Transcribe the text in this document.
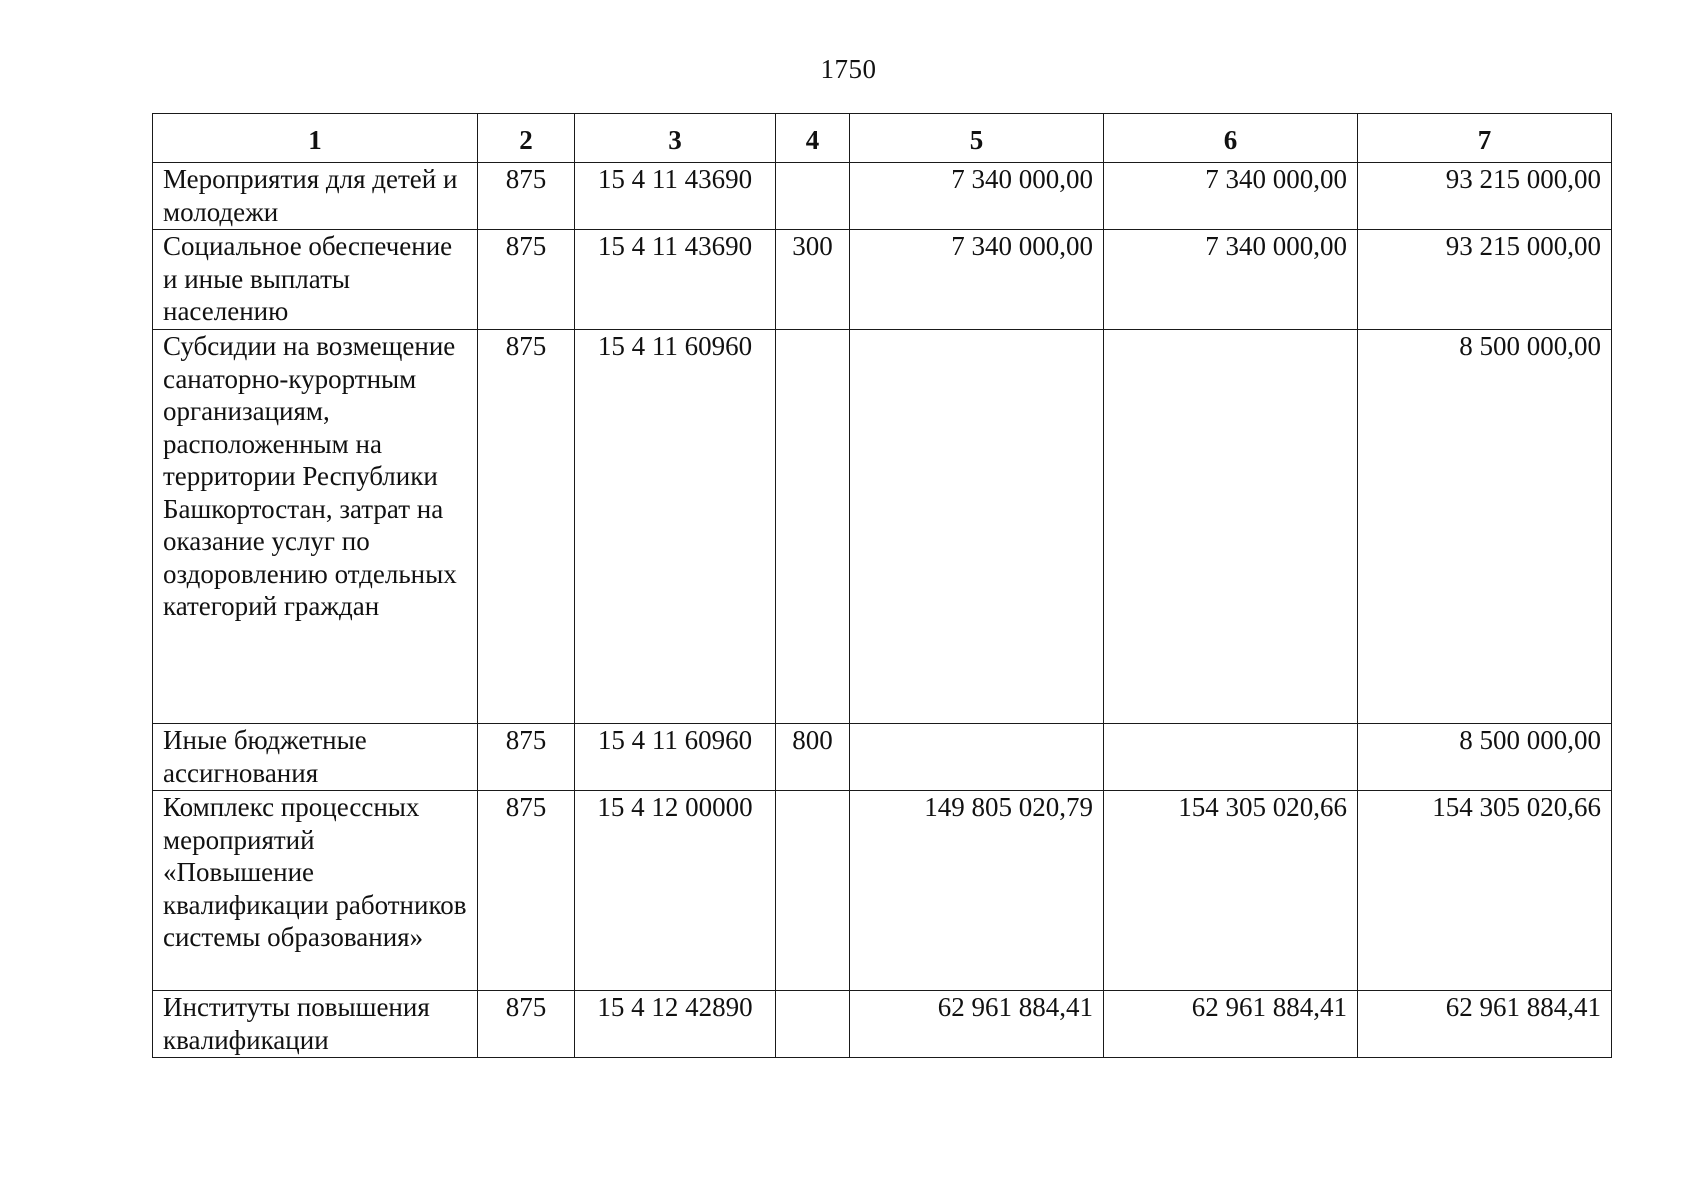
1750
1	2	3	4	5	6	7
Мероприятия для детей и молодежи	875	15 4 11 43690		7 340 000,00	7 340 000,00	93 215 000,00
Социальное обеспечение и иные выплаты населению	875	15 4 11 43690	300	7 340 000,00	7 340 000,00	93 215 000,00
Субсидии на возмещение санаторно-курортным организациям, расположенным на территории Республики Башкортостан, затрат на оказание услуг по оздоровлению отдельных категорий граждан	875	15 4 11 60960				8 500 000,00
Иные бюджетные ассигнования	875	15 4 11 60960	800			8 500 000,00
Комплекс процессных мероприятий «Повышение квалификации работников системы образования»	875	15 4 12 00000		149 805 020,79	154 305 020,66	154 305 020,66
Институты повышения квалификации	875	15 4 12 42890		62 961 884,41	62 961 884,41	62 961 884,41
